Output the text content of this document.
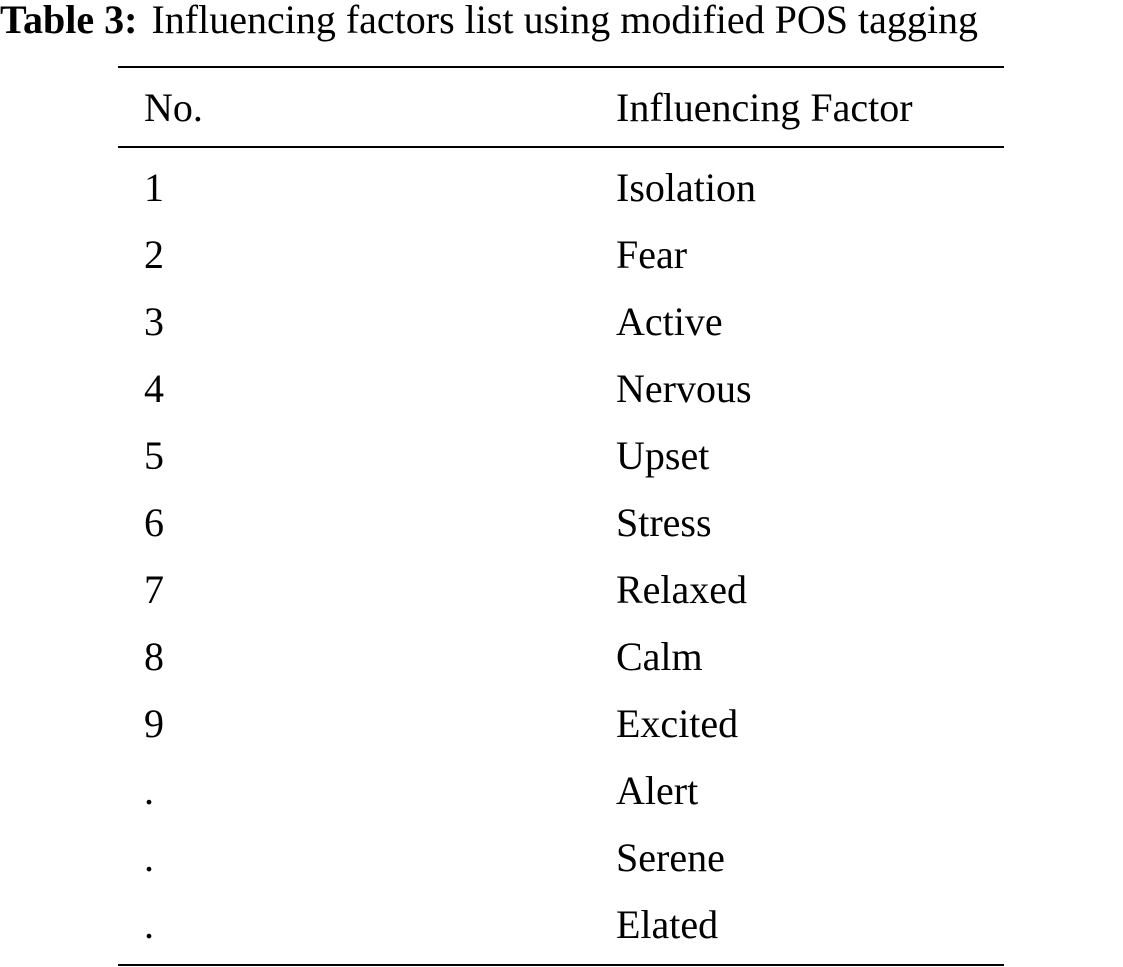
Table 3: Influencing factors list using modified POS tagging
No.	Influencing Factor
1	Isolation
2	Fear
3	Active
4	Nervous
5	Upset
6	Stress
7	Relaxed
8	Calm
9	Excited
.	Alert
.	Serene
.	Elated
